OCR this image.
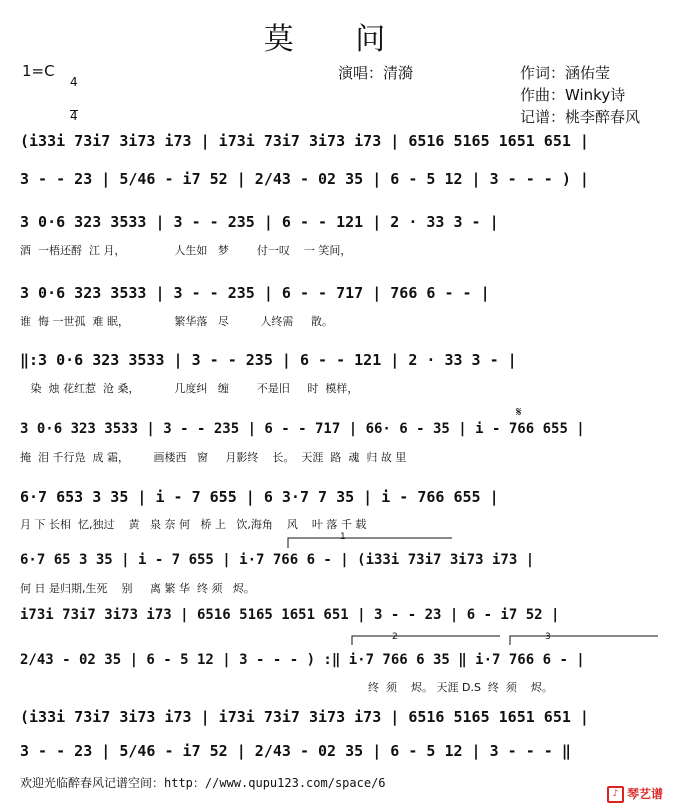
莫 问
1=C

4

4

演唱：清漪	作词：涵佑莹
作曲：Winky诗
记谱：桃李醉春风
(i33i 73i7 3i73 i73 | i73i 73i7 3i73 i73 | 6516 5165 1651 651 |
3 - - 23 | 5/46 - i7 52 | 2/43 - 02 35 | 6 - 5 12 | 3 - - - ) |
3 0·6 323 3533 | 3 - - 235 | 6 - - 121 | 2 · 33 3 - |
酒  一梧还酹  江 月，              人生如   梦        付一叹    一 笑间，
3 0·6 323 3533 | 3 - - 235 | 6 - - 717 | 766 6 - - |
谁  悔 一世孤  难 眠，             繁华落   尽         人终需     散。
‖:3 0·6 323 3533 | 3 - - 235 | 6 - - 121 | 2 · 33 3 - |
染  烛 花红惹  沧 桑，          几度纠   缠        不是旧     时  模样，
𝄋
3 0·6 323 3533 | 3 - - 235 | 6 - - 717 | 66· 6 - 35 | i - 766 655 |
掩  泪 千行凫  成 霜，       画楼西   窗     月影终    长。  天涯  路  魂  归 故 里
6·7 653 3 35 | i - 7 655 | 6 3·7 7 35 | i - 766 655 |
月 下 长相  忆,独过    黄   泉 奈 何   桥 上   饮,海角    风    叶 落 千 载
1
6·7 65 3 35 | i - 7 655 | i·7 766 6 - | (i33i 73i7 3i73 i73 |
何 日 是归期,生死    别     离 繁 华  终 须   烬。
i73i 73i7 3i73 i73 | 6516 5165 1651 651 | 3 - - 23 | 6 - i7 52 |
2	3
2/43 - 02 35 | 6 - 5 12 | 3 - - - ) :‖ i·7 766 6 35 ‖ i·7 766 6 - |
终  须    烬。 天涯 D.S  终  须    烬。
(i33i 73i7 3i73 i73 | i73i 73i7 3i73 i73 | 6516 5165 1651 651 |
3 - - 23 | 5/46 - i7 52 | 2/43 - 02 35 | 6 - 5 12 | 3 - - - ‖
欢迎光临醉春风记谱空间：http：//www.qupu123.com/space/6

♪ 琴艺谱
